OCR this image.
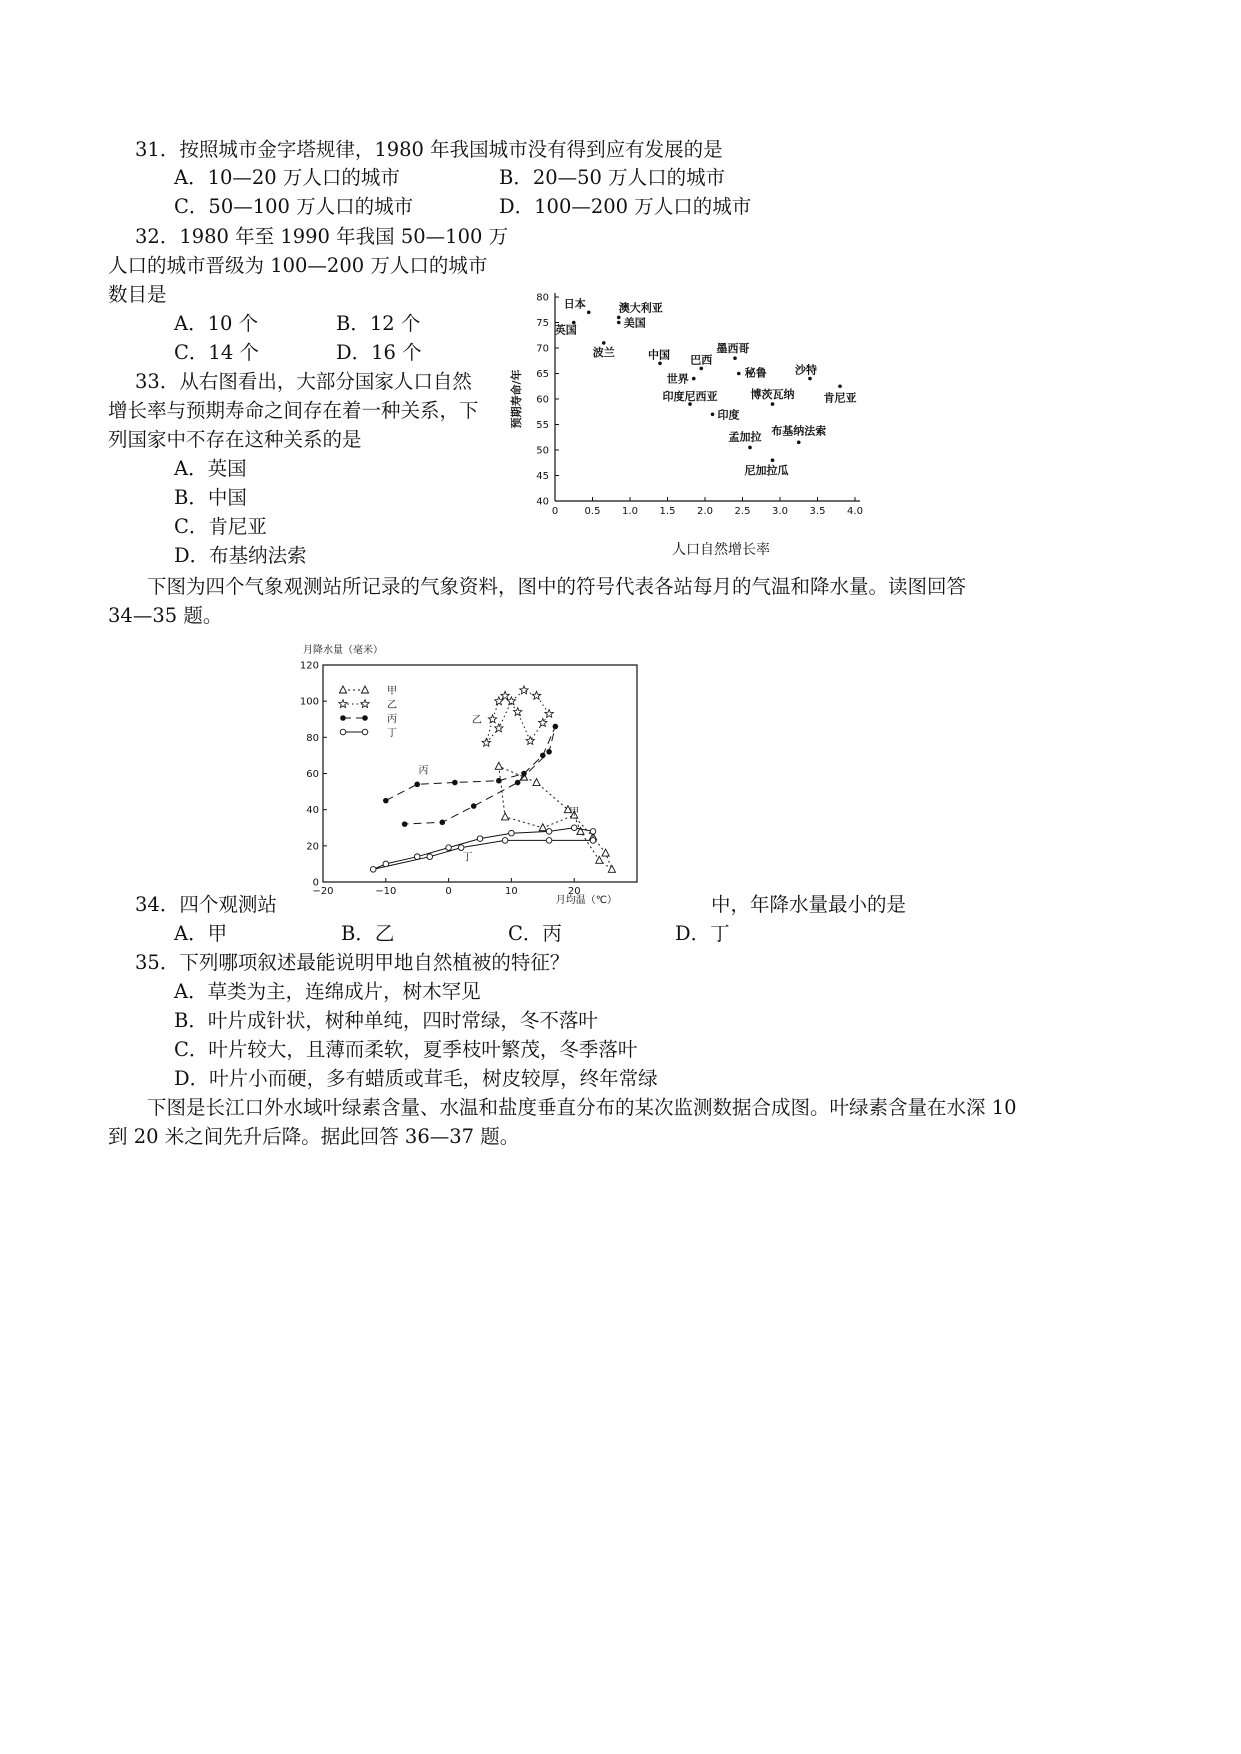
31．按照城市金字塔规律，1980 年我国城市没有得到应有发展的是
A．10—20 万人口的城市	B．20—50 万人口的城市
C．50—100 万人口的城市	D．100—200 万人口的城市
32．1980 年至 1990 年我国 50—100 万
人口的城市晋级为 100—200 万人口的城市
数目是
A．10 个	B．12 个
C．14 个	D．16 个
33．从右图看出，大部分国家人口自然
增长率与预期寿命之间存在着一种关系，下
列国家中不存在这种关系的是
A．英国
B．中国
C．肯尼亚
D．布基纳法索
40
45
50
55
60
65
70
75
80
0	0.5 1.0 1.5 2.0 2.5 3.0 3.5 4.0
预期寿命/年
日本	澳大利亚
美国
英国
波兰	中国 巴西
墨西哥
世界	秘鲁	沙特
肯尼亚
印度尼西亚	博茨瓦纳
印度
孟加拉 布基纳法索
尼加拉瓜
人口自然增长率
下图为四个气象观测站所记录的气象资料，图中的符号代表各站每月的气温和降水量。读图回答
34—35 题。
0
20
40
60
80
100
120
−20	−10	0	10	20
月降水量（毫米）
月均温（℃）
甲
乙
丙
丁
甲
乙
丙
丁
34．四个观测站	中，年降水量最小的是
A．甲	B．乙	C．丙	D．丁
35．下列哪项叙述最能说明甲地自然植被的特征？
A．草类为主，连绵成片，树木罕见
B．叶片成针状，树种单纯，四时常绿，冬不落叶
C．叶片较大，且薄而柔软，夏季枝叶繁茂，冬季落叶
D．叶片小而硬，多有蜡质或茸毛，树皮较厚，终年常绿
下图是长江口外水域叶绿素含量、水温和盐度垂直分布的某次监测数据合成图。叶绿素含量在水深 10
到 20 米之间先升后降。据此回答 36—37 题。
